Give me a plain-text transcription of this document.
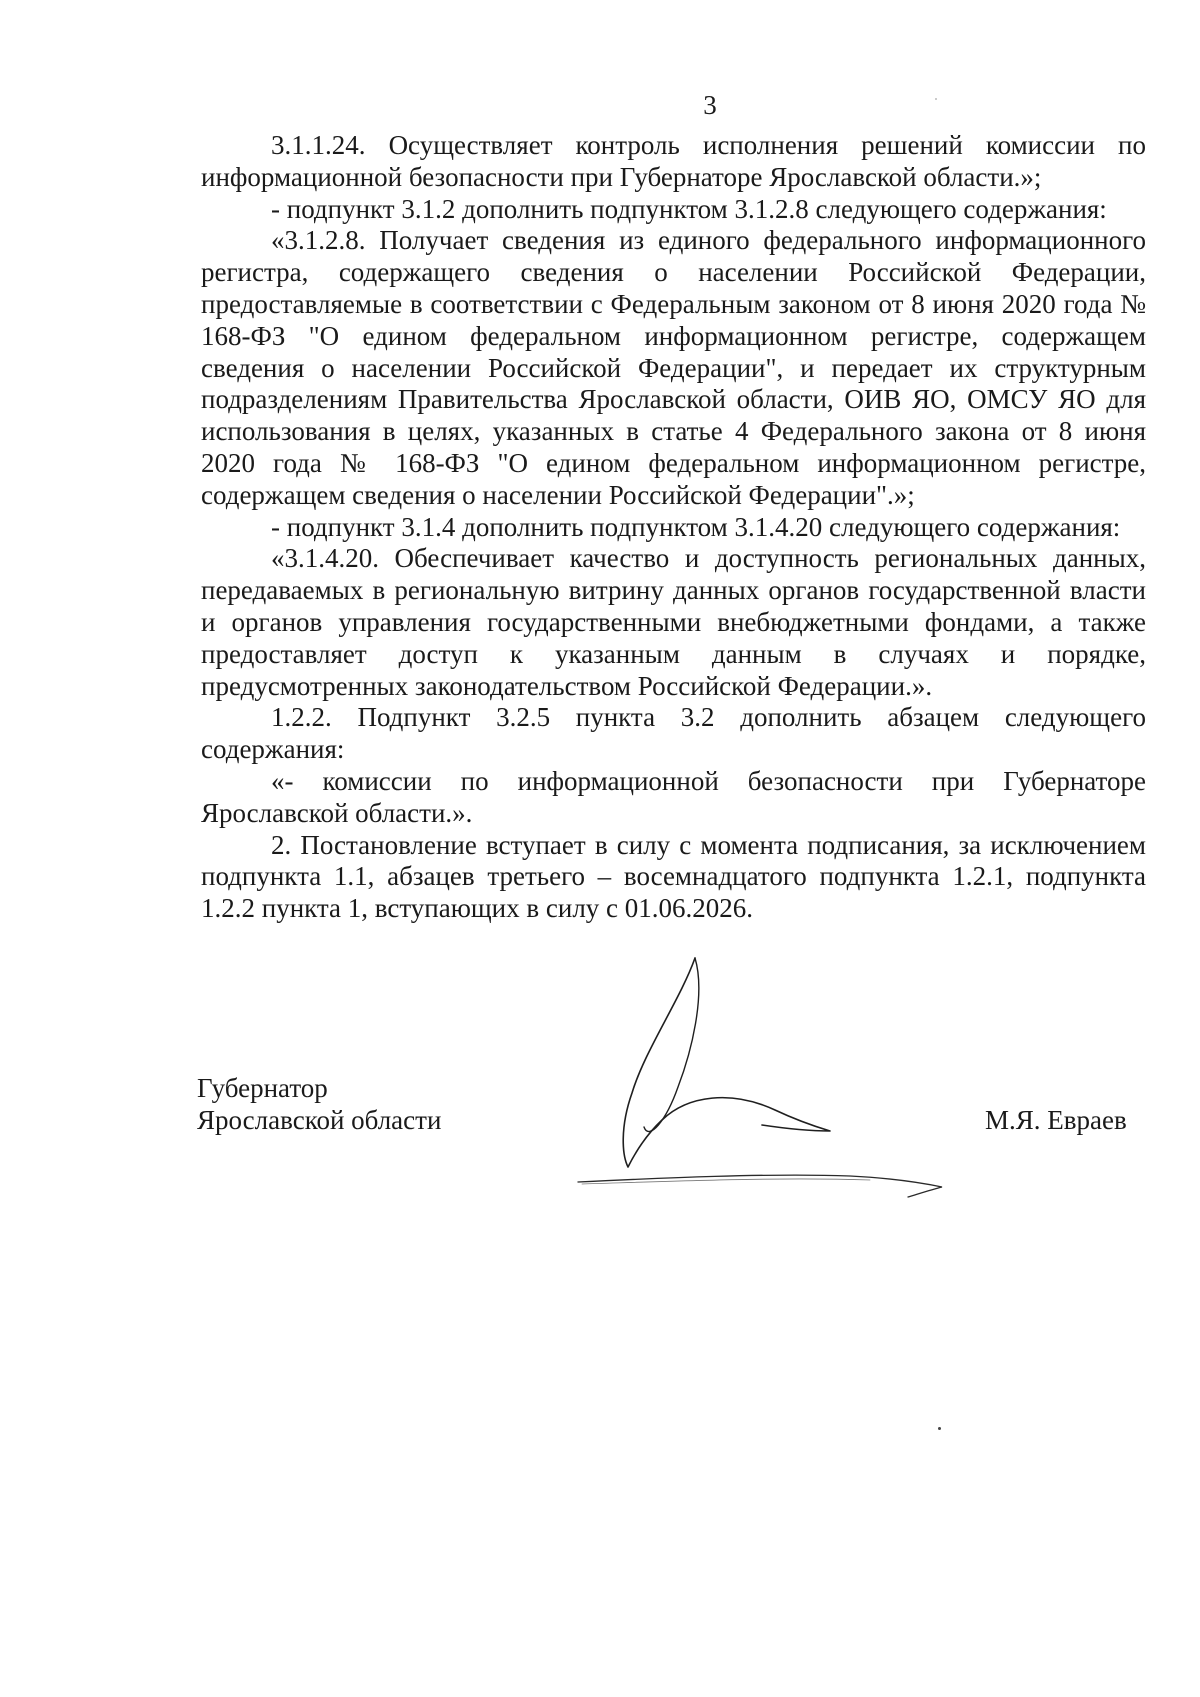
3

3.1.1.24. Осуществляет контроль исполнения решений комиссии по информационной безопасности при Губернаторе Ярославской области.»;

- подпункт 3.1.2 дополнить подпунктом 3.1.2.8 следующего содержания:

«3.1.2.8. Получает сведения из единого федерального информационного регистра, содержащего сведения о населении Российской Федерации, предоставляемые в соответствии с Федеральным законом от 8 июня 2020 года № 168-ФЗ "О едином федеральном информационном регистре, содержащем сведения о населении Российской Федерации", и передает их структурным подразделениям Правительства Ярославской области, ОИВ ЯО, ОМСУ ЯО для использования в целях, указанных в статье 4 Федерального закона от 8 июня 2020 года № 168-ФЗ "О едином федеральном информационном регистре, содержащем сведения о населении Российской Федерации".»;

- подпункт 3.1.4 дополнить подпунктом 3.1.4.20 следующего содержания:

«3.1.4.20. Обеспечивает качество и доступность региональных данных, передаваемых в региональную витрину данных органов государственной власти и органов управления государственными внебюджетными фондами, а также предоставляет доступ к указанным данным в случаях и порядке, предусмотренных законодательством Российской Федерации.».

1.2.2. Подпункт 3.2.5 пункта 3.2 дополнить абзацем следующего содержания:

«- комиссии по информационной безопасности при Губернаторе Ярославской области.».

2. Постановление вступает в силу с момента подписания, за исключением подпункта 1.1, абзацев третьего – восемнадцатого подпункта 1.2.1, подпункта 1.2.2 пункта 1, вступающих в силу с 01.06.2026.

Губернатор
Ярославской области	М.Я. Евраев
